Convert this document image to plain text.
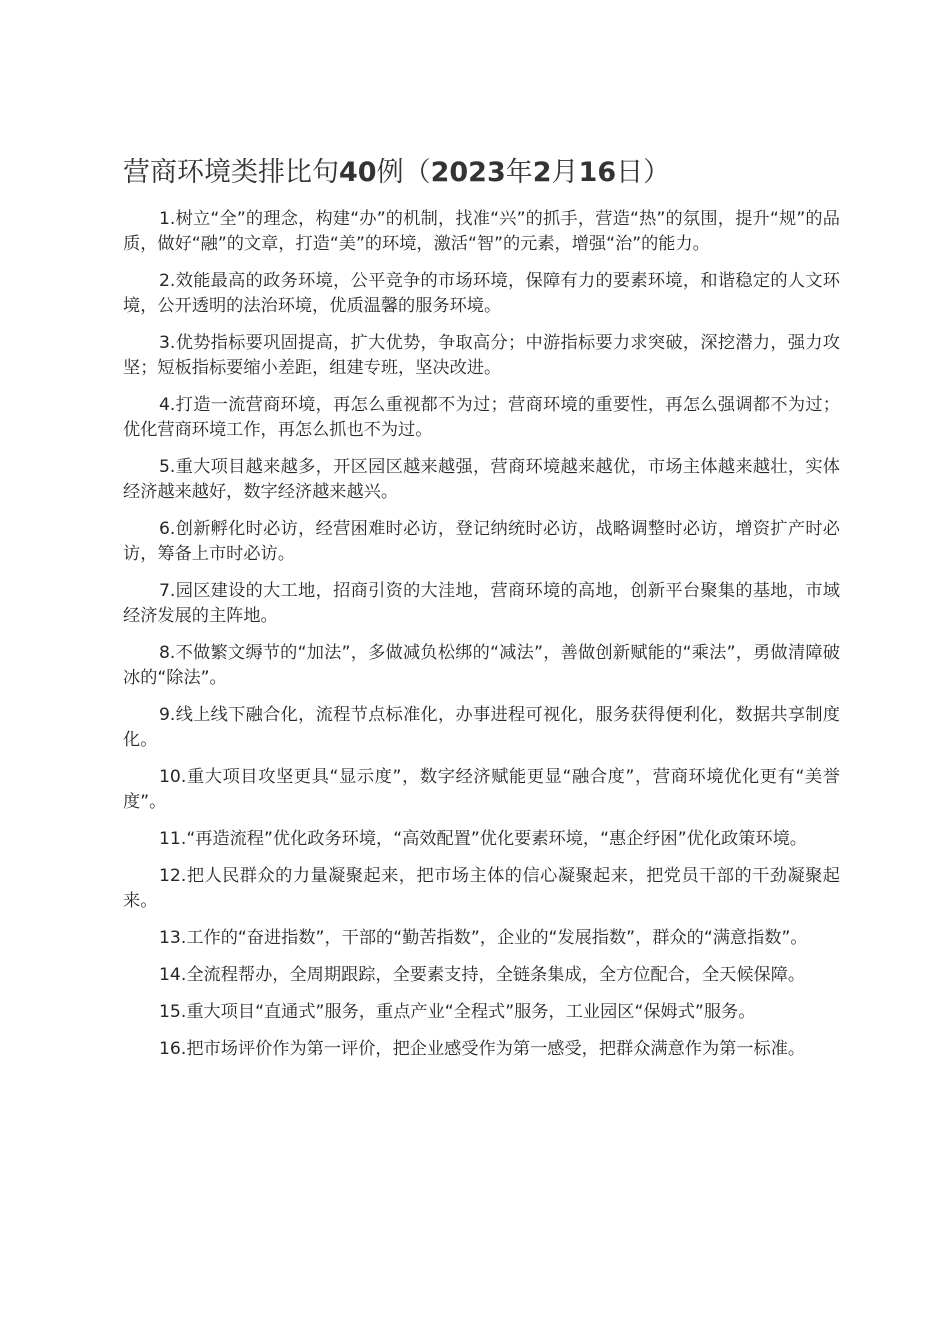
营商环境类排比句40例（2023年2月16日）
1.树立“全”的理念，构建“办”的机制，找准“兴”的抓手，营造“热”的氛围，提升“规”的品质，做好“融”的文章，打造“美”的环境，激活“智”的元素，增强“治”的能力。
2.效能最高的政务环境，公平竞争的市场环境，保障有力的要素环境，和谐稳定的人文环境，公开透明的法治环境，优质温馨的服务环境。
3.优势指标要巩固提高，扩大优势，争取高分；中游指标要力求突破，深挖潜力，强力攻坚；短板指标要缩小差距，组建专班，坚决改进。
4.打造一流营商环境，再怎么重视都不为过；营商环境的重要性，再怎么强调都不为过；优化营商环境工作，再怎么抓也不为过。
5.重大项目越来越多，开区园区越来越强，营商环境越来越优，市场主体越来越壮，实体经济越来越好，数字经济越来越兴。
6.创新孵化时必访，经营困难时必访，登记纳统时必访，战略调整时必访，增资扩产时必访，筹备上市时必访。
7.园区建设的大工地，招商引资的大洼地，营商环境的高地，创新平台聚集的基地，市域经济发展的主阵地。
8.不做繁文缛节的“加法”，多做减负松绑的“减法”，善做创新赋能的“乘法”，勇做清障破冰的“除法”。
9.线上线下融合化，流程节点标准化，办事进程可视化，服务获得便利化，数据共享制度化。
10.重大项目攻坚更具“显示度”，数字经济赋能更显“融合度”，营商环境优化更有“美誉度”。
11.“再造流程”优化政务环境，“高效配置”优化要素环境，“惠企纾困”优化政策环境。
12.把人民群众的力量凝聚起来，把市场主体的信心凝聚起来，把党员干部的干劲凝聚起来。
13.工作的“奋进指数”，干部的“勤苦指数”，企业的“发展指数”，群众的“满意指数”。
14.全流程帮办，全周期跟踪，全要素支持，全链条集成，全方位配合，全天候保障。
15.重大项目“直通式”服务，重点产业“全程式”服务，工业园区“保姆式”服务。
16.把市场评价作为第一评价，把企业感受作为第一感受，把群众满意作为第一标准。
